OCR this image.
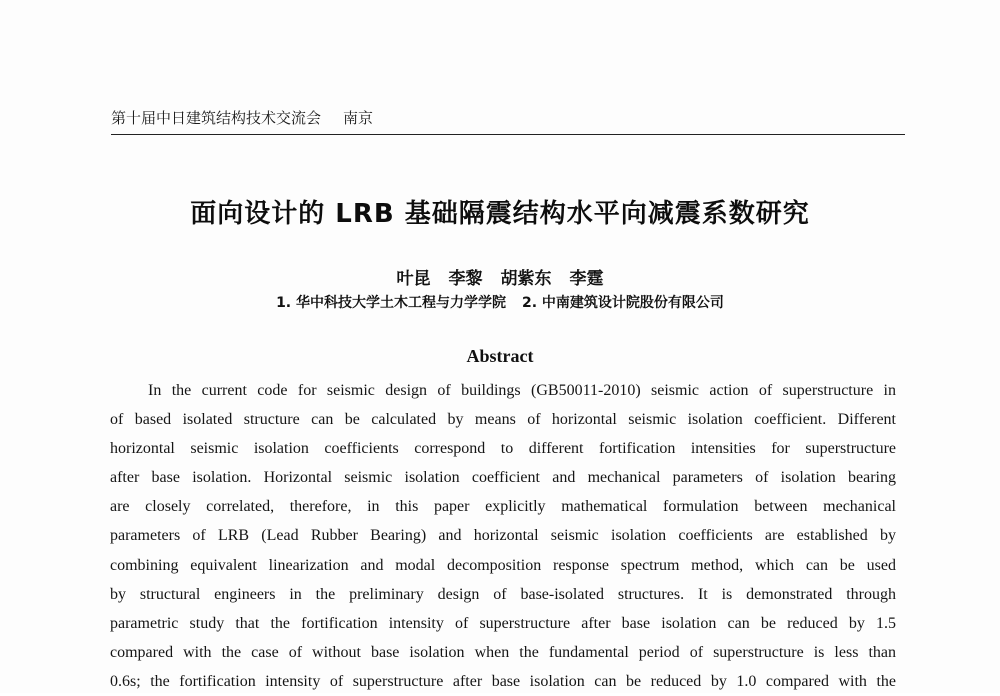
第十届中日建筑结构技术交流会 南京
面向设计的 LRB 基础隔震结构水平向减震系数研究
叶昆 李黎 胡紫东 李霆
1. 华中科技大学土木工程与力学学院 2. 中南建筑设计院股份有限公司
Abstract
In the current code for seismic design of buildings (GB50011-2010) seismic action of superstructure in
of based isolated structure can be calculated by means of horizontal seismic isolation coefficient. Different
horizontal seismic isolation coefficients correspond to different fortification intensities for superstructure
after base isolation. Horizontal seismic isolation coefficient and mechanical parameters of isolation bearing
are closely correlated, therefore, in this paper explicitly mathematical formulation between mechanical
parameters of LRB (Lead Rubber Bearing) and horizontal seismic isolation coefficients are established by
combining equivalent linearization and modal decomposition response spectrum method, which can be used
by structural engineers in the preliminary design of base-isolated structures. It is demonstrated through
parametric study that the fortification intensity of superstructure after base isolation can be reduced by 1.5
compared with the case of without base isolation when the fundamental period of superstructure is less than
0.6s; the fortification intensity of superstructure after base isolation can be reduced by 1.0 compared with the
